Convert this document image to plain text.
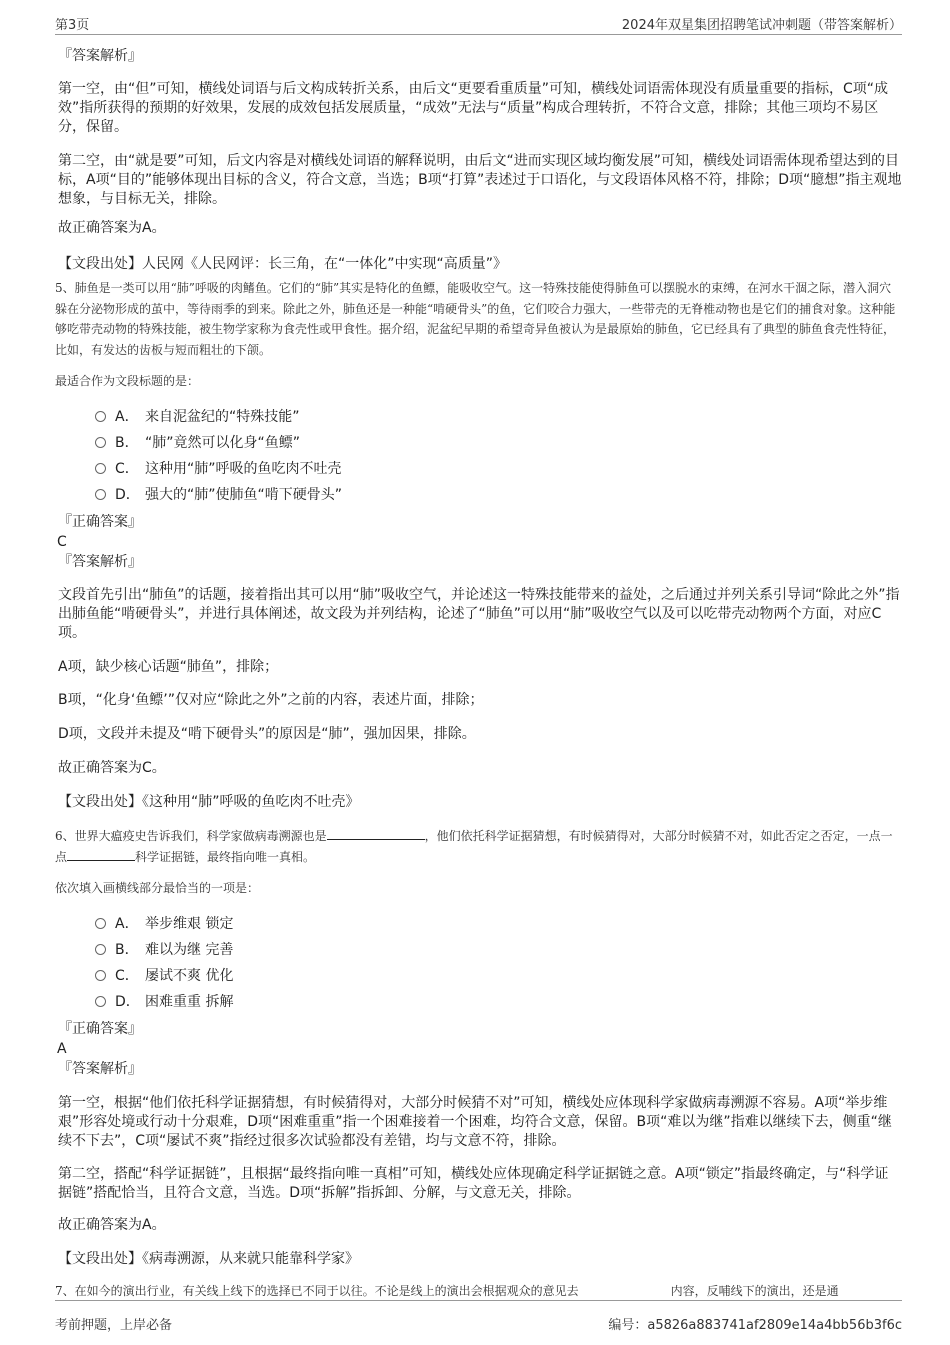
第3页	2024年双星集团招聘笔试冲刺题（带答案解析）
『答案解析』
第一空，由“但”可知，横线处词语与后文构成转折关系，由后文“更要看重质量”可知，横线处词语需体现没有质量重要的指标，C项“成效”指所获得的预期的好效果，发展的成效包括发展质量，“成效”无法与“质量”构成合理转折，不符合文意，排除；其他三项均不易区分，保留。
第二空，由“就是要”可知，后文内容是对横线处词语的解释说明，由后文“进而实现区域均衡发展”可知，横线处词语需体现希望达到的目标，A项“目的”能够体现出目标的含义，符合文意，当选；B项“打算”表述过于口语化，与文段语体风格不符，排除；D项“臆想”指主观地想象，与目标无关，排除。
故正确答案为A。
【文段出处】人民网《人民网评：长三角，在“一体化”中实现“高质量”》
5、肺鱼是一类可以用“肺”呼吸的肉鳍鱼。它们的“肺”其实是特化的鱼鳔，能吸收空气。这一特殊技能使得肺鱼可以摆脱水的束缚，在河水干涸之际，潜入洞穴躲在分泌物形成的茧中，等待雨季的到来。除此之外，肺鱼还是一种能“啃硬骨头”的鱼，它们咬合力强大，一些带壳的无脊椎动物也是它们的捕食对象。这种能够吃带壳动物的特殊技能，被生物学家称为食壳性或甲食性。据介绍，泥盆纪早期的希望奇异鱼被认为是最原始的肺鱼，它已经具有了典型的肺鱼食壳性特征，比如，有发达的齿板与短而粗壮的下颌。
最适合作为文段标题的是：
A． 来自泥盆纪的“特殊技能”
B． “肺”竟然可以化身“鱼鳔”
C． 这种用“肺”呼吸的鱼吃肉不吐壳
D． 强大的“肺”使肺鱼“啃下硬骨头”
『正确答案』
C
『答案解析』
文段首先引出“肺鱼”的话题，接着指出其可以用“肺”吸收空气，并论述这一特殊技能带来的益处，之后通过并列关系引导词“除此之外”指出肺鱼能“啃硬骨头”，并进行具体阐述，故文段为并列结构，论述了“肺鱼”可以用“肺”吸收空气以及可以吃带壳动物两个方面，对应C项。
A项，缺少核心话题“肺鱼”，排除；
B项，“化身‘鱼鳔’”仅对应“除此之外”之前的内容，表述片面，排除；
D项，文段并未提及“啃下硬骨头”的原因是“肺”，强加因果，排除。
故正确答案为C。
【文段出处】《这种用“肺”呼吸的鱼吃肉不吐壳》
6、世界大瘟疫史告诉我们，科学家做病毒溯源也是	，他们依托科学证据猜想，有时候猜得对，大部分时候猜不对，如此否定之否定，一点一点	科学证据链，最终指向唯一真相。
依次填入画横线部分最恰当的一项是：
A． 举步维艰 锁定
B． 难以为继 完善
C． 屡试不爽 优化
D． 困难重重 拆解
『正确答案』
A
『答案解析』
第一空，根据“他们依托科学证据猜想，有时候猜得对，大部分时候猜不对”可知，横线处应体现科学家做病毒溯源不容易。A项“举步维艰”形容处境或行动十分艰难，D项“困难重重”指一个困难接着一个困难，均符合文意，保留。B项“难以为继”指难以继续下去，侧重“继续不下去”，C项“屡试不爽”指经过很多次试验都没有差错，均与文意不符，排除。
第二空，搭配“科学证据链”，且根据“最终指向唯一真相”可知，横线处应体现确定科学证据链之意。A项“锁定”指最终确定，与“科学证据链”搭配恰当，且符合文意，当选。D项“拆解”指拆卸、分解，与文意无关，排除。
故正确答案为A。
【文段出处】《病毒溯源，从来就只能靠科学家》
7、在如今的演出行业，有关线上线下的选择已不同于以往。不论是线上的演出会根据观众的意见去	内容，反哺线下的演出，还是通
考前押题，上岸必备	编号：a5826a883741af2809e14a4bb56b3f6c
